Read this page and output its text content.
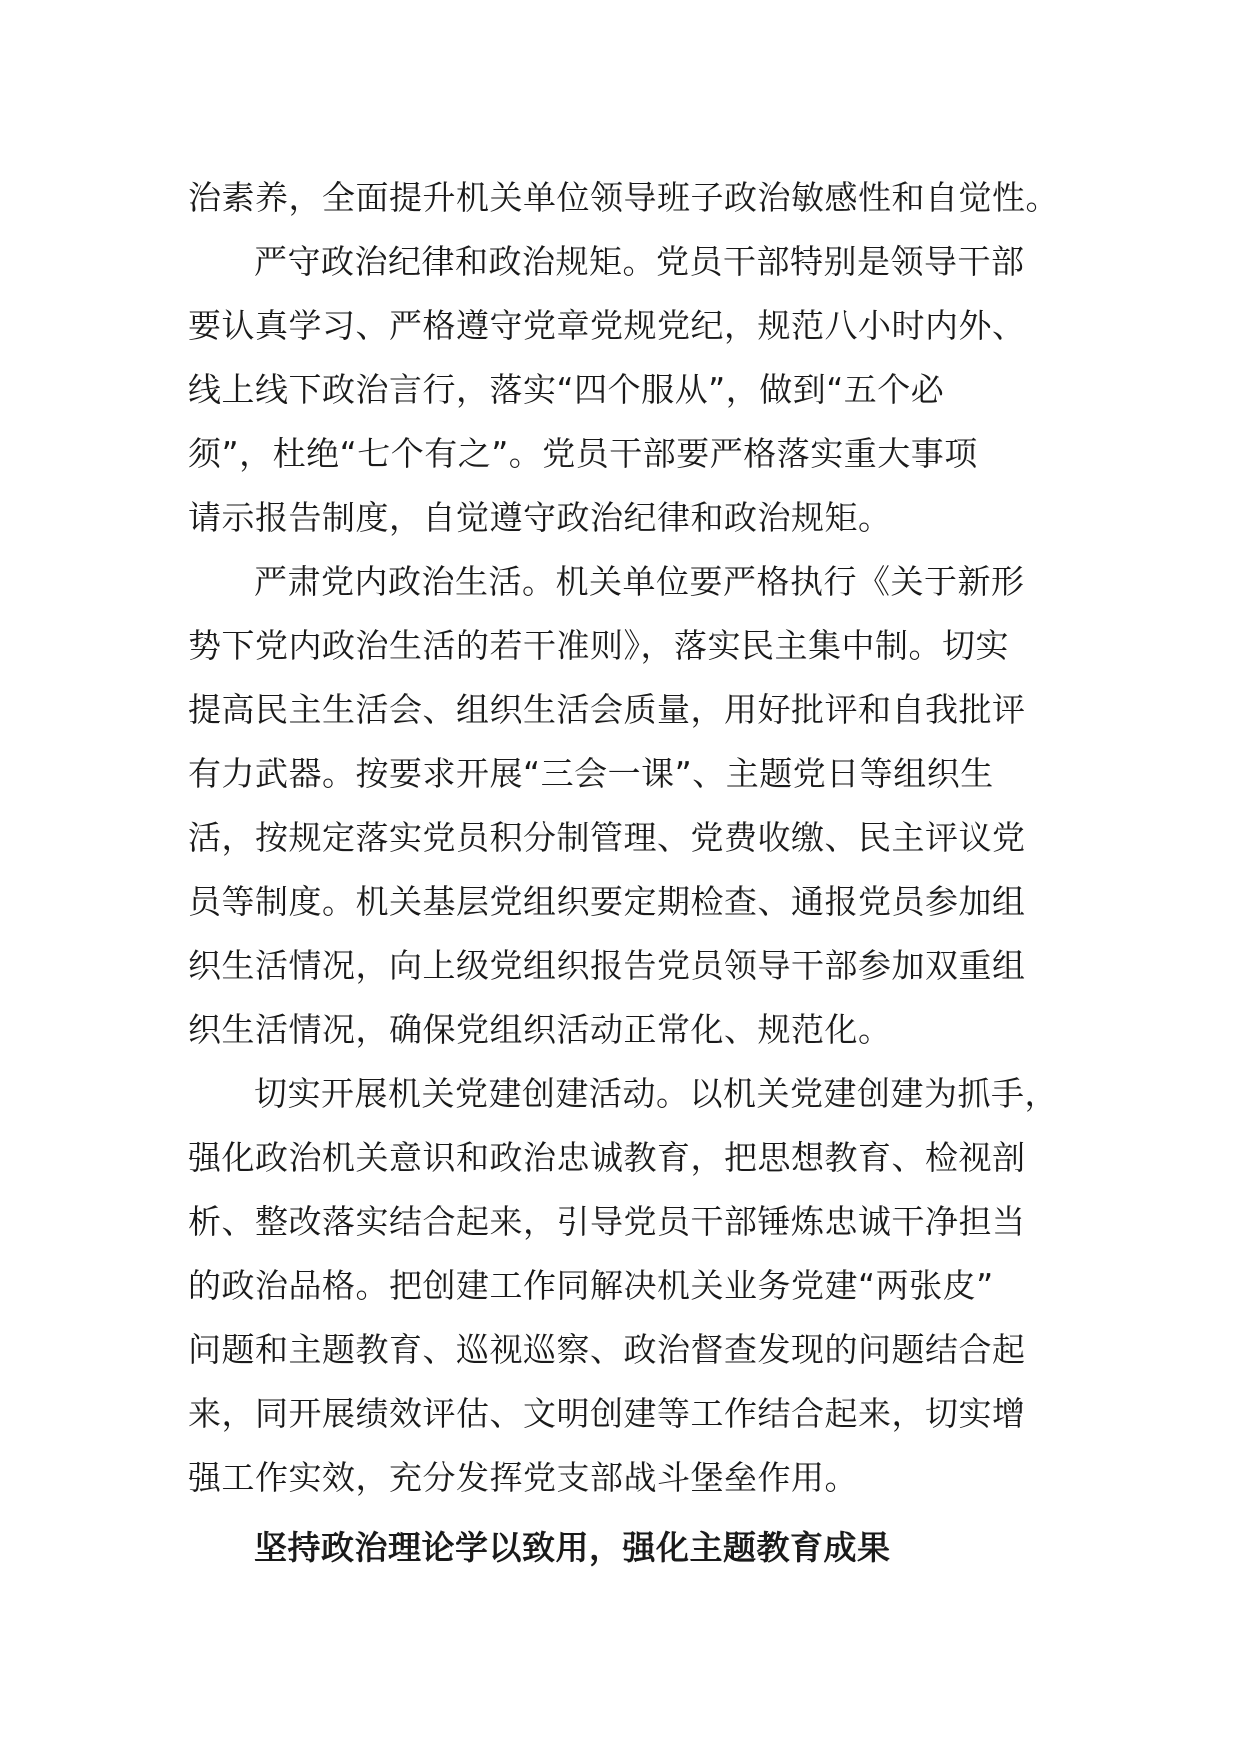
治素养，全面提升机关单位领导班子政治敏感性和自觉性。
严守政治纪律和政治规矩。党员干部特别是领导干部
要认真学习、严格遵守党章党规党纪，规范八小时内外、
线上线下政治言行，落实“四个服从”，做到“五个必
须”，杜绝“七个有之”。党员干部要严格落实重大事项
请示报告制度，自觉遵守政治纪律和政治规矩。
严肃党内政治生活。机关单位要严格执行《关于新形
势下党内政治生活的若干准则》，落实民主集中制。切实
提高民主生活会、组织生活会质量，用好批评和自我批评
有力武器。按要求开展“三会一课”、主题党日等组织生
活，按规定落实党员积分制管理、党费收缴、民主评议党
员等制度。机关基层党组织要定期检查、通报党员参加组
织生活情况，向上级党组织报告党员领导干部参加双重组
织生活情况，确保党组织活动正常化、规范化。
切实开展机关党建创建活动。以机关党建创建为抓手，
强化政治机关意识和政治忠诚教育，把思想教育、检视剖
析、整改落实结合起来，引导党员干部锤炼忠诚干净担当
的政治品格。把创建工作同解决机关业务党建“两张皮”
问题和主题教育、巡视巡察、政治督查发现的问题结合起
来，同开展绩效评估、文明创建等工作结合起来，切实增
强工作实效，充分发挥党支部战斗堡垒作用。
坚持政治理论学以致用，强化主题教育成果
